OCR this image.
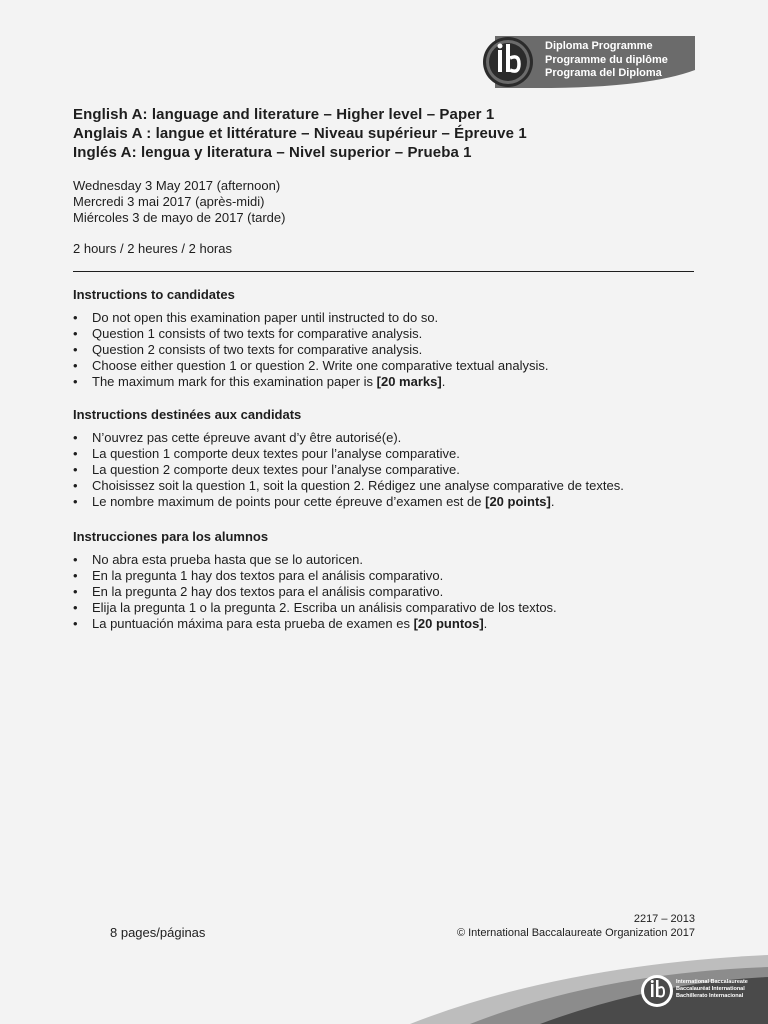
Diploma Programme
Programme du diplôme
Programa del Diploma
English A: language and literature – Higher level – Paper 1
Anglais A : langue et littérature – Niveau supérieur – Épreuve 1
Inglés A: lengua y literatura – Nivel superior – Prueba 1
Wednesday 3 May 2017 (afternoon)
Mercredi 3 mai 2017 (après-midi)
Miércoles 3 de mayo de 2017 (tarde)
2 hours / 2 heures / 2 horas
Instructions to candidates
• Do not open this examination paper until instructed to do so.
• Question 1 consists of two texts for comparative analysis.
• Question 2 consists of two texts for comparative analysis.
• Choose either question 1 or question 2. Write one comparative textual analysis.
• The maximum mark for this examination paper is [20 marks].
Instructions destinées aux candidats
• N’ouvrez pas cette épreuve avant d’y être autorisé(e).
• La question 1 comporte deux textes pour l’analyse comparative.
• La question 2 comporte deux textes pour l’analyse comparative.
• Choisissez soit la question 1, soit la question 2. Rédigez une analyse comparative de textes.
• Le nombre maximum de points pour cette épreuve d’examen est de [20 points].
Instrucciones para los alumnos
• No abra esta prueba hasta que se lo autoricen.
• En la pregunta 1 hay dos textos para el análisis comparativo.
• En la pregunta 2 hay dos textos para el análisis comparativo.
• Elija la pregunta 1 o la pregunta 2. Escriba un análisis comparativo de los textos.
• La puntuación máxima para esta prueba de examen es [20 puntos].
8 pages/páginas
2217 – 2013
© International Baccalaureate Organization 2017
International Baccalaureate
Baccalauréat International
Bachillerato Internacional
